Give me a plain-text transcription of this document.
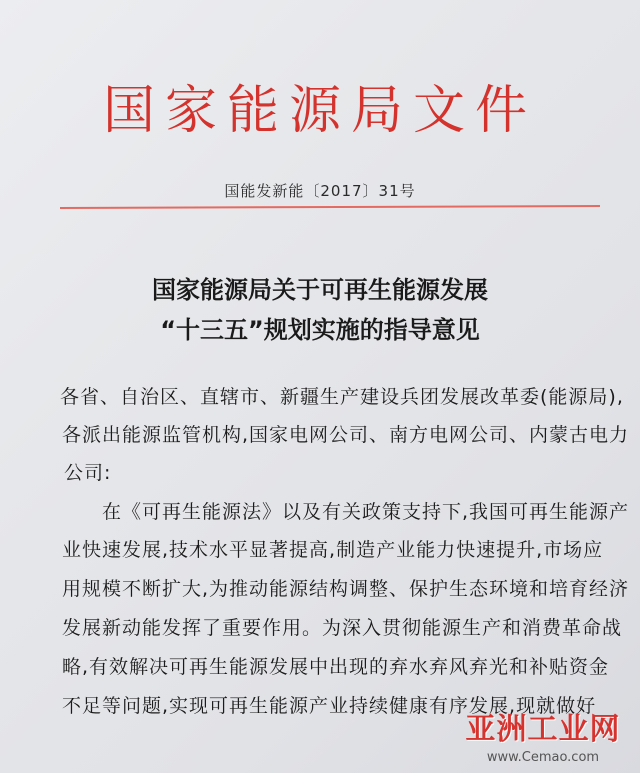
国家能源局文件
国能发新能〔2017〕31号
国家能源局关于可再生能源发展
“十三五”规划实施的指导意见
各省、自治区、直辖市、新疆生产建设兵团发展改革委(能源局),
各派出能源监管机构,国家电网公司、南方电网公司、内蒙古电力
公司:
在《可再生能源法》以及有关政策支持下,我国可再生能源产
业快速发展,技术水平显著提高,制造产业能力快速提升,市场应
用规模不断扩大,为推动能源结构调整、保护生态环境和培育经济
发展新动能发挥了重要作用。为深入贯彻能源生产和消费革命战
略,有效解决可再生能源发展中出现的弃水弃风弃光和补贴资金
不足等问题,实现可再生能源产业持续健康有序发展,现就做好
亚洲工业网
www.Cemao.com
